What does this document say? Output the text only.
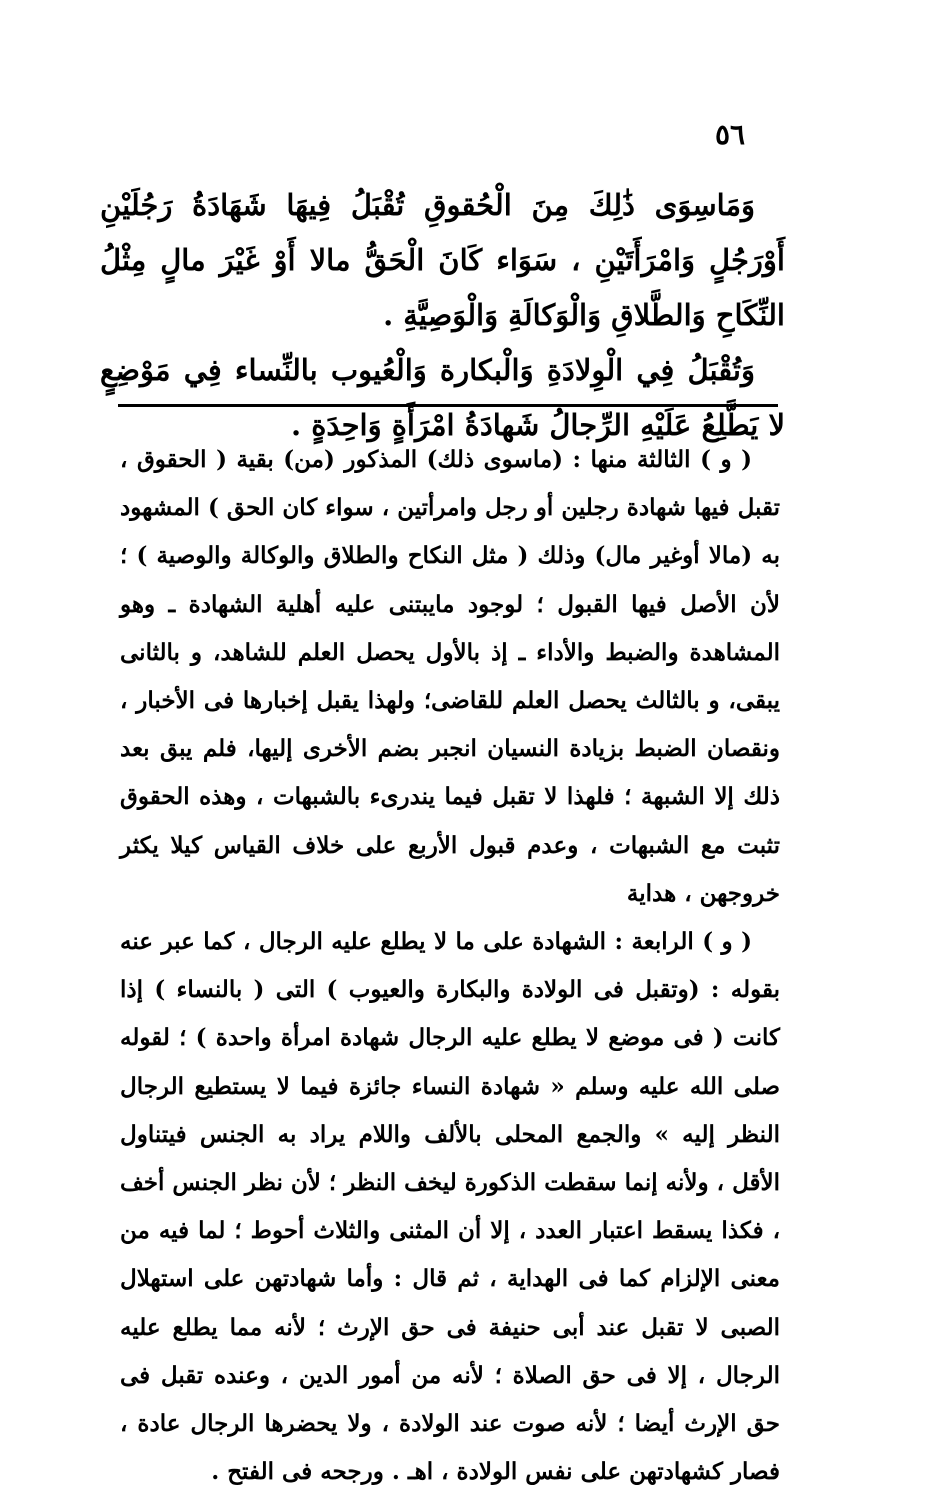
٥٦

وَمَاسِوَى ذَٰلِكَ مِنَ الْحُقوقِ تُقْبَلُ فِيهَا شَهَادَةُ رَجُلَيْنِ أَوْرَجُلٍ وَامْرَأَتَيْنِ ، سَوَاء كَانَ الْحَقُّ مالا أَوْ غَيْرَ مالٍ مِثْلُ النِّكَاحِ وَالطَّلاقِ وَالْوَكالَةِ وَالْوَصِيَّةِ .

وَتُقْبَلُ فِي الْوِلادَةِ وَالْبكارة وَالْعُيوب بالنِّساء فِي مَوْضِعٍ لا يَطَّلِعُ عَلَيْهِ الرِّجالُ شَهادَةُ امْرَأَةٍ وَاحِدَةٍ .

( و ) الثالثة منها : (ماسوى ذلك) المذكور (من) بقية ( الحقوق ، تقبل فيها شهادة رجلين أو رجل وامرأتين ، سواء كان الحق ) المشهود به (مالا أوغير مال) وذلك ( مثل النكاح والطلاق والوكالة والوصية ) ؛ لأن الأصل فيها القبول ؛ لوجود مايبتنى عليه أهلية الشهادة ـ وهو المشاهدة والضبط والأداء ـ إذ بالأول يحصل العلم للشاهد، و بالثانى يبقى، و بالثالث يحصل العلم للقاضى؛ ولهذا يقبل إخبارها فى الأخبار ، ونقصان الضبط بزيادة النسيان انجبر بضم الأخرى إليها، فلم يبق بعد ذلك إلا الشبهة ؛ فلهذا لا تقبل فيما يندرىء بالشبهات ، وهذه الحقوق تثبت مع الشبهات ، وعدم قبول الأربع على خلاف القياس كيلا يكثر خروجهن ، هداية

( و ) الرابعة : الشهادة على ما لا يطلع عليه الرجال ، كما عبر عنه بقوله : (وتقبل فى الولادة والبكارة والعيوب ) التى ( بالنساء ) إذا كانت ( فى موضع لا يطلع عليه الرجال شهادة امرأة واحدة ) ؛ لقوله صلى الله عليه وسلم « شهادة النساء جائزة فيما لا يستطيع الرجال النظر إليه » والجمع المحلى بالألف واللام يراد به الجنس فيتناول الأقل ، ولأنه إنما سقطت الذكورة ليخف النظر ؛ لأن نظر الجنس أخف ، فكذا يسقط اعتبار العدد ، إلا أن المثنى والثلاث أحوط ؛ لما فيه من معنى الإلزام كما فى الهداية ، ثم قال : وأما شهادتهن على استهلال الصبى لا تقبل عند أبى حنيفة فى حق الإرث ؛ لأنه مما يطلع عليه الرجال ، إلا فى حق الصلاة ؛ لأنه من أمور الدين ، وعنده تقبل فى حق الإرث أيضا ؛ لأنه صوت عند الولادة ، ولا يحضرها الرجال عادة ، فصار كشهادتهن على نفس الولادة ، اهـ . ورجحه فى الفتح .
